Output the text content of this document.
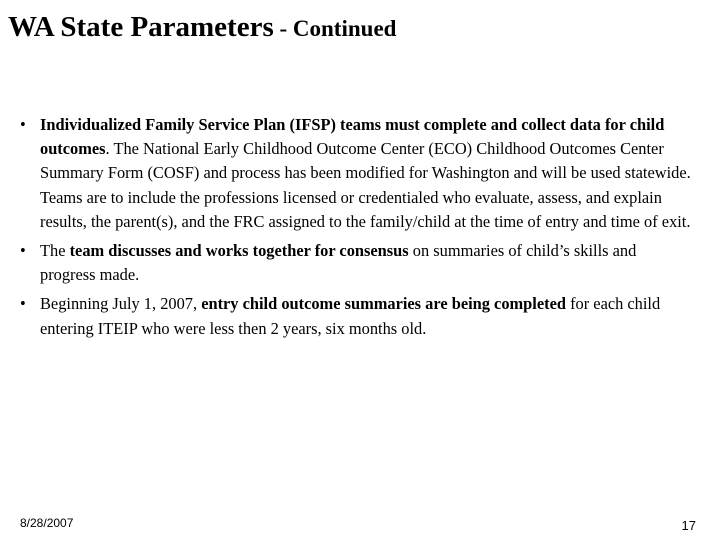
WA State Parameters - Continued
• Individualized Family Service Plan (IFSP) teams must complete and collect data for child outcomes. The National Early Childhood Outcome Center (ECO) Childhood Outcomes Center Summary Form (COSF) and process has been modified for Washington and will be used statewide. Teams are to include the professions licensed or credentialed who evaluate, assess, and explain results, the parent(s), and the FRC assigned to the family/child at the time of entry and time of exit.
• The team discusses and works together for consensus on summaries of child’s skills and progress made.
• Beginning July 1, 2007, entry child outcome summaries are being completed for each child entering ITEIP who were less then 2 years, six months old.
8/28/2007	17
